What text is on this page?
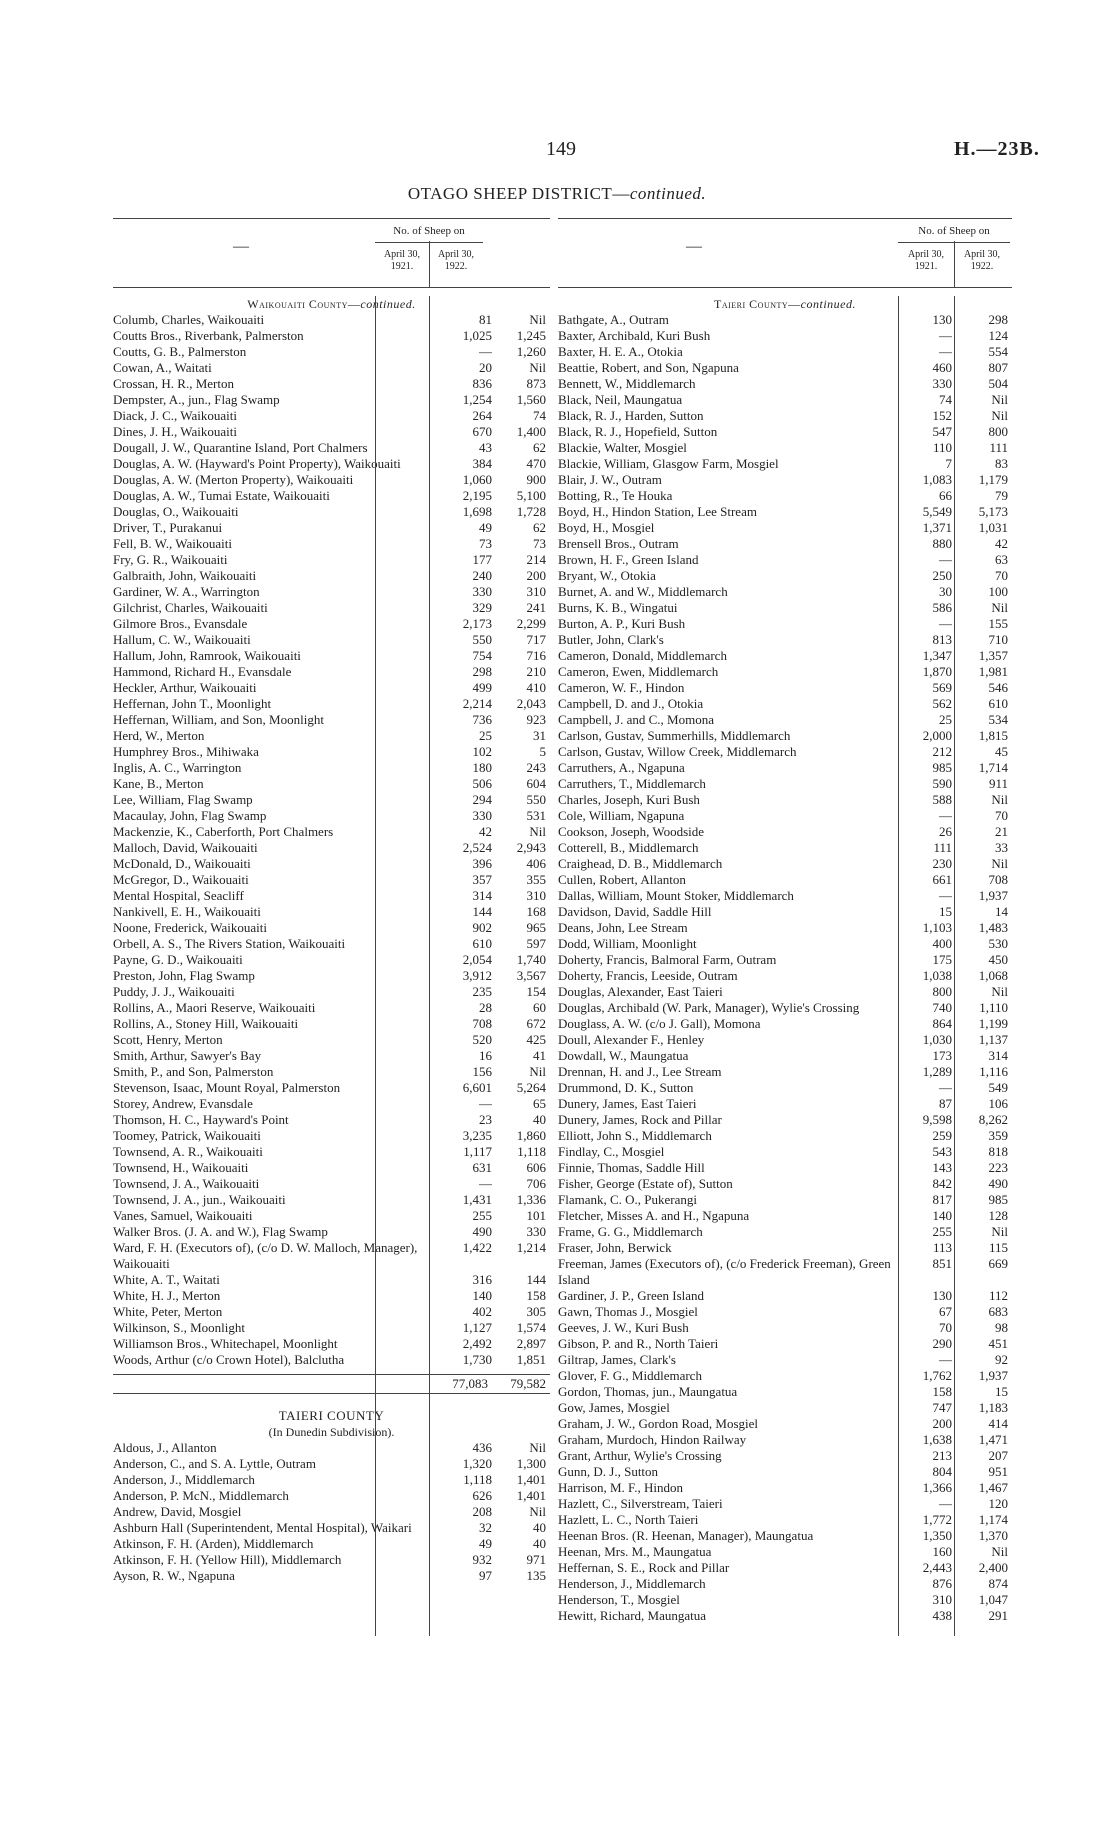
149	H.—23B.
OTAGO SHEEP DISTRICT—continued.
—
No. of Sheep on
April 30,
1921.
April 30,
1922.
Waikouaiti County—continued.
Columb, Charles, Waikouaiti	81	Nil
Coutts Bros., Riverbank, Palmerston	1,025	1,245
Coutts, G. B., Palmerston	—	1,260
Cowan, A., Waitati	20	Nil
Crossan, H. R., Merton	836	873
Dempster, A., jun., Flag Swamp	1,254	1,560
Diack, J. C., Waikouaiti	264	74
Dines, J. H., Waikouaiti	670	1,400
Dougall, J. W., Quarantine Island, Port Chalmers	43	62
Douglas, A. W. (Hayward's Point Property), Waikouaiti	384	470
Douglas, A. W. (Merton Property), Waikouaiti	1,060	900
Douglas, A. W., Tumai Estate, Waikouaiti	2,195	5,100
Douglas, O., Waikouaiti	1,698	1,728
Driver, T., Purakanui	49	62
Fell, B. W., Waikouaiti	73	73
Fry, G. R., Waikouaiti	177	214
Galbraith, John, Waikouaiti	240	200
Gardiner, W. A., Warrington	330	310
Gilchrist, Charles, Waikouaiti	329	241
Gilmore Bros., Evansdale	2,173	2,299
Hallum, C. W., Waikouaiti	550	717
Hallum, John, Ramrook, Waikouaiti	754	716
Hammond, Richard H., Evansdale	298	210
Heckler, Arthur, Waikouaiti	499	410
Heffernan, John T., Moonlight	2,214	2,043
Heffernan, William, and Son, Moonlight	736	923
Herd, W., Merton	25	31
Humphrey Bros., Mihiwaka	102	5
Inglis, A. C., Warrington	180	243
Kane, B., Merton	506	604
Lee, William, Flag Swamp	294	550
Macaulay, John, Flag Swamp	330	531
Mackenzie, K., Caberforth, Port Chalmers	42	Nil
Malloch, David, Waikouaiti	2,524	2,943
McDonald, D., Waikouaiti	396	406
McGregor, D., Waikouaiti	357	355
Mental Hospital, Seacliff	314	310
Nankivell, E. H., Waikouaiti	144	168
Noone, Frederick, Waikouaiti	902	965
Orbell, A. S., The Rivers Station, Waikouaiti	610	597
Payne, G. D., Waikouaiti	2,054	1,740
Preston, John, Flag Swamp	3,912	3,567
Puddy, J. J., Waikouaiti	235	154
Rollins, A., Maori Reserve, Waikouaiti	28	60
Rollins, A., Stoney Hill, Waikouaiti	708	672
Scott, Henry, Merton	520	425
Smith, Arthur, Sawyer's Bay	16	41
Smith, P., and Son, Palmerston	156	Nil
Stevenson, Isaac, Mount Royal, Palmerston	6,601	5,264
Storey, Andrew, Evansdale	—	65
Thomson, H. C., Hayward's Point	23	40
Toomey, Patrick, Waikouaiti	3,235	1,860
Townsend, A. R., Waikouaiti	1,117	1,118
Townsend, H., Waikouaiti	631	606
Townsend, J. A., Waikouaiti	—	706
Townsend, J. A., jun., Waikouaiti	1,431	1,336
Vanes, Samuel, Waikouaiti	255	101
Walker Bros. (J. A. and W.), Flag Swamp	490	330
Ward, F. H. (Executors of), (c/o D. W. Malloch, Manager), Waikouaiti
1,422	1,214
White, A. T., Waitati	316	144
White, H. J., Merton	140	158
White, Peter, Merton	402	305
Wilkinson, S., Moonlight	1,127	1,574
Williamson Bros., Whitechapel, Moonlight	2,492	2,897
Woods, Arthur (c/o Crown Hotel), Balclutha	1,730	1,851
77,083	79,582
TAIERI COUNTY
(In Dunedin Subdivision).
Aldous, J., Allanton	436	Nil
Anderson, C., and S. A. Lyttle, Outram	1,320	1,300
Anderson, J., Middlemarch	1,118	1,401
Anderson, P. McN., Middlemarch	626	1,401
Andrew, David, Mosgiel	208	Nil
Ashburn Hall (Superintendent, Mental Hospital), Waikari	32	40
Atkinson, F. H. (Arden), Middlemarch	49	40
Atkinson, F. H. (Yellow Hill), Middlemarch	932	971
Ayson, R. W., Ngapuna	97	135
—
No. of Sheep on
April 30,
1921.
April 30,
1922.
Taieri County—continued.
Bathgate, A., Outram	130	298
Baxter, Archibald, Kuri Bush	—	124
Baxter, H. E. A., Otokia	—	554
Beattie, Robert, and Son, Ngapuna	460	807
Bennett, W., Middlemarch	330	504
Black, Neil, Maungatua	74	Nil
Black, R. J., Harden, Sutton	152	Nil
Black, R. J., Hopefield, Sutton	547	800
Blackie, Walter, Mosgiel	110	111
Blackie, William, Glasgow Farm, Mosgiel	7	83
Blair, J. W., Outram	1,083	1,179
Botting, R., Te Houka	66	79
Boyd, H., Hindon Station, Lee Stream	5,549	5,173
Boyd, H., Mosgiel	1,371	1,031
Brensell Bros., Outram	880	42
Brown, H. F., Green Island	—	63
Bryant, W., Otokia	250	70
Burnet, A. and W., Middlemarch	30	100
Burns, K. B., Wingatui	586	Nil
Burton, A. P., Kuri Bush	—	155
Butler, John, Clark's	813	710
Cameron, Donald, Middlemarch	1,347	1,357
Cameron, Ewen, Middlemarch	1,870	1,981
Cameron, W. F., Hindon	569	546
Campbell, D. and J., Otokia	562	610
Campbell, J. and C., Momona	25	534
Carlson, Gustav, Summerhills, Middlemarch	2,000	1,815
Carlson, Gustav, Willow Creek, Middlemarch	212	45
Carruthers, A., Ngapuna	985	1,714
Carruthers, T., Middlemarch	590	911
Charles, Joseph, Kuri Bush	588	Nil
Cole, William, Ngapuna	—	70
Cookson, Joseph, Woodside	26	21
Cotterell, B., Middlemarch	111	33
Craighead, D. B., Middlemarch	230	Nil
Cullen, Robert, Allanton	661	708
Dallas, William, Mount Stoker, Middlemarch	—	1,937
Davidson, David, Saddle Hill	15	14
Deans, John, Lee Stream	1,103	1,483
Dodd, William, Moonlight	400	530
Doherty, Francis, Balmoral Farm, Outram	175	450
Doherty, Francis, Leeside, Outram	1,038	1,068
Douglas, Alexander, East Taieri	800	Nil
Douglas, Archibald (W. Park, Manager), Wylie's Crossing	740	1,110
Douglass, A. W. (c/o J. Gall), Momona	864	1,199
Doull, Alexander F., Henley	1,030	1,137
Dowdall, W., Maungatua	173	314
Drennan, H. and J., Lee Stream	1,289	1,116
Drummond, D. K., Sutton	—	549
Dunery, James, East Taieri	87	106
Dunery, James, Rock and Pillar	9,598	8,262
Elliott, John S., Middlemarch	259	359
Findlay, C., Mosgiel	543	818
Finnie, Thomas, Saddle Hill	143	223
Fisher, George (Estate of), Sutton	842	490
Flamank, C. O., Pukerangi	817	985
Fletcher, Misses A. and H., Ngapuna	140	128
Frame, G. G., Middlemarch	255	Nil
Fraser, John, Berwick	113	115
Freeman, James (Executors of), (c/o Frederick Freeman), Green Island
851	669
Gardiner, J. P., Green Island	130	112
Gawn, Thomas J., Mosgiel	67	683
Geeves, J. W., Kuri Bush	70	98
Gibson, P. and R., North Taieri	290	451
Giltrap, James, Clark's	—	92
Glover, F. G., Middlemarch	1,762	1,937
Gordon, Thomas, jun., Maungatua	158	15
Gow, James, Mosgiel	747	1,183
Graham, J. W., Gordon Road, Mosgiel	200	414
Graham, Murdoch, Hindon Railway	1,638	1,471
Grant, Arthur, Wylie's Crossing	213	207
Gunn, D. J., Sutton	804	951
Harrison, M. F., Hindon	1,366	1,467
Hazlett, C., Silverstream, Taieri	—	120
Hazlett, L. C., North Taieri	1,772	1,174
Heenan Bros. (R. Heenan, Manager), Maungatua	1,350	1,370
Heenan, Mrs. M., Maungatua	160	Nil
Heffernan, S. E., Rock and Pillar	2,443	2,400
Henderson, J., Middlemarch	876	874
Henderson, T., Mosgiel	310	1,047
Hewitt, Richard, Maungatua	438	291
